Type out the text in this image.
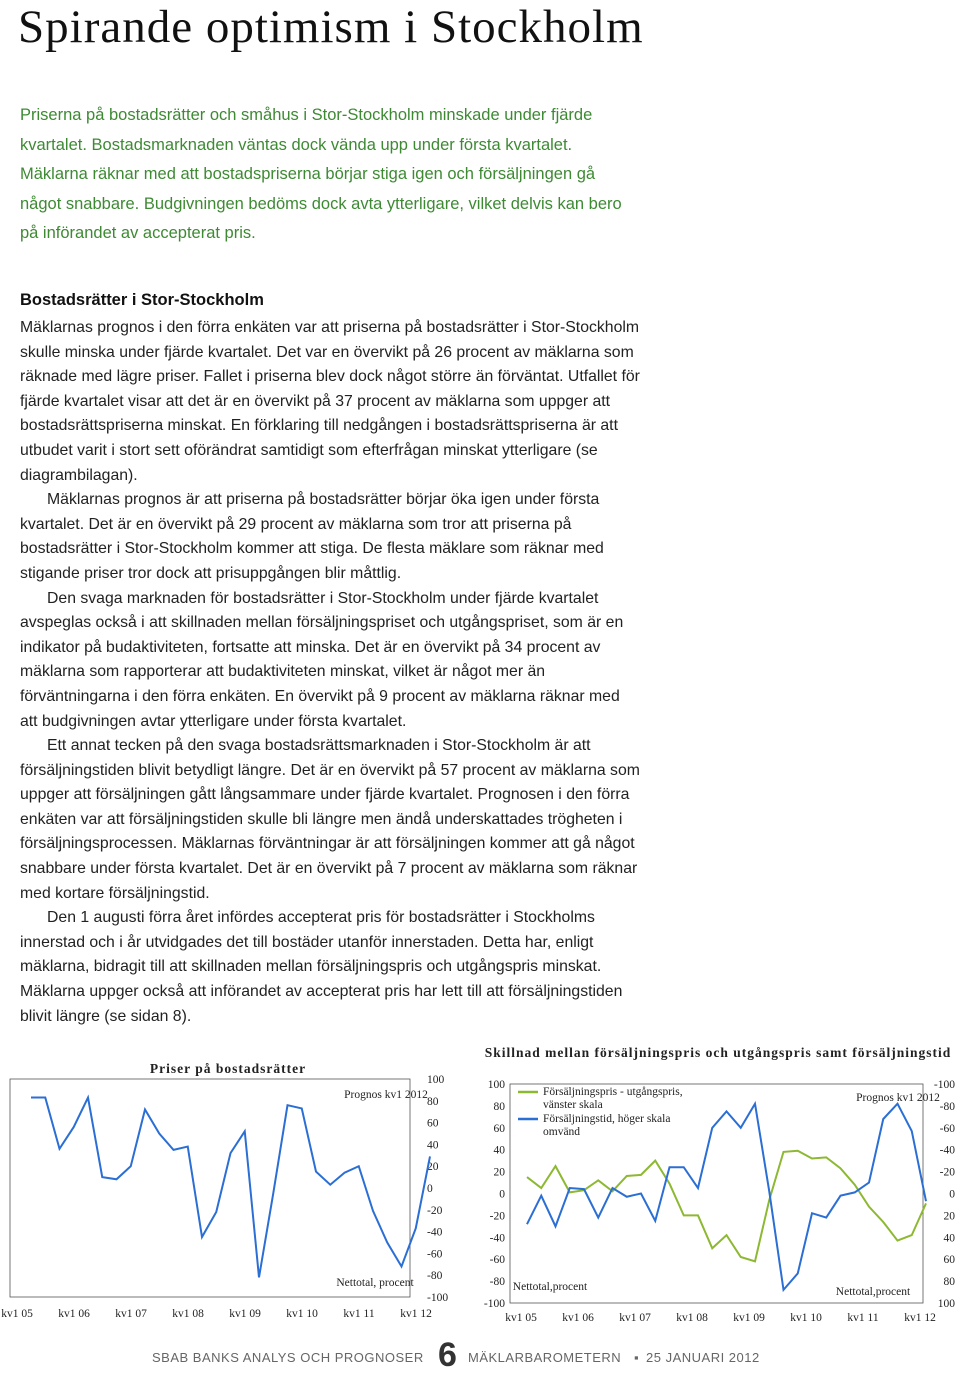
Spirande optimism i Stockholm
Priserna på bostadsrätter och småhus i Stor-Stockholm minskade under fjärde kvartalet. Bostadsmarknaden väntas dock vända upp under första kvartalet. Mäklarna räknar med att bostadspriserna börjar stiga igen och försäljningen gå något snabbare. Budgivningen bedöms dock avta ytterligare, vilket delvis kan bero på införandet av accepterat pris.
Bostadsrätter i Stor-Stockholm

Mäklarnas prognos i den förra enkäten var att priserna på bostadsrätter i Stor-Stockholm skulle minska under fjärde kvartalet. Det var en övervikt på 26 procent av mäklarna som räknade med lägre priser. Fallet i priserna blev dock något större än förväntat. Utfallet för fjärde kvartalet visar att det är en övervikt på 37 procent av mäklarna som uppger att bostadsrättspriserna minskat. En förklaring till nedgången i bostadsrättspriserna är att utbudet varit i stort sett oförändrat samtidigt som efterfrågan minskat ytterligare (se diagrambilagan).

Mäklarnas prognos är att priserna på bostadsrätter börjar öka igen under första kvartalet. Det är en övervikt på 29 procent av mäklarna som tror att priserna på bostadsrätter i Stor-Stockholm kommer att stiga. De flesta mäklare som räknar med stigande priser tror dock att prisuppgången blir måttlig.

Den svaga marknaden för bostadsrätter i Stor-Stockholm under fjärde kvartalet avspeglas också i att skillnaden mellan försäljningspriset och utgångspriset, som är en indikator på budaktiviteten, fortsatte att minska. Det är en övervikt på 34 procent av mäklarna som rapporterar att budaktiviteten minskat, vilket är något mer än förväntningarna i den förra enkäten. En övervikt på 9 procent av mäklarna räknar med att budgivningen avtar ytterligare under första kvartalet.

Ett annat tecken på den svaga bostadsrättsmarknaden i Stor-Stockholm är att försäljningstiden blivit betydligt längre. Det är en övervikt på 57 procent av mäklarna som uppger att försäljningen gått långsammare under fjärde kvartalet. Prognosen i den förra enkäten var att försäljningstiden skulle bli längre men ändå underskattades trögheten i försäljningsprocessen. Mäklarnas förväntningar är att försäljningen kommer att gå något snabbare under första kvartalet. Det är en övervikt på 7 procent av mäklarna som räknar med kortare försäljningstid.

Den 1 augusti förra året infördes accepterat pris för bostadsrätter i Stockholms innerstad och i år utvidgades det till bostäder utanför innerstaden. Detta har, enligt mäklarna, bidragit till att skillnaden mellan försäljningspris och utgångspris minskat. Mäklarna uppger också att införandet av accepterat pris har lett till att försäljningstiden blivit längre (se sidan 8).

Priser på bostadsrätter
Prognos kv1 2012
Nettotal, procent
100
80
60
40
20
0
-20
-40
-60
-80
-100
kv1 05 kv1 06 kv1 07 kv1 08 kv1 09 kv1 10 kv1 11 kv1 12
Skillnad mellan försäljningspris och utgångspris samt försäljningstid
Prognos kv1 2012
Nettotal,procent	Nettotal,procent
100
80
60
40
20
0
-20
-40
-60
-80
-100
-100
-80
-60
-40
-20
0
20
40
60
80
100
kv1 05 kv1 06 kv1 07 kv1 08 kv1 09 kv1 10 kv1 11 kv1 12
Försäljningspris - utgångspris, vänster skala
Försäljningstid, höger skala omvänd
SBAB BANKS ANALYS OCH PROGNOSER 6 MÄKLARBAROMETERN ▪ 25 JANUARI 2012
